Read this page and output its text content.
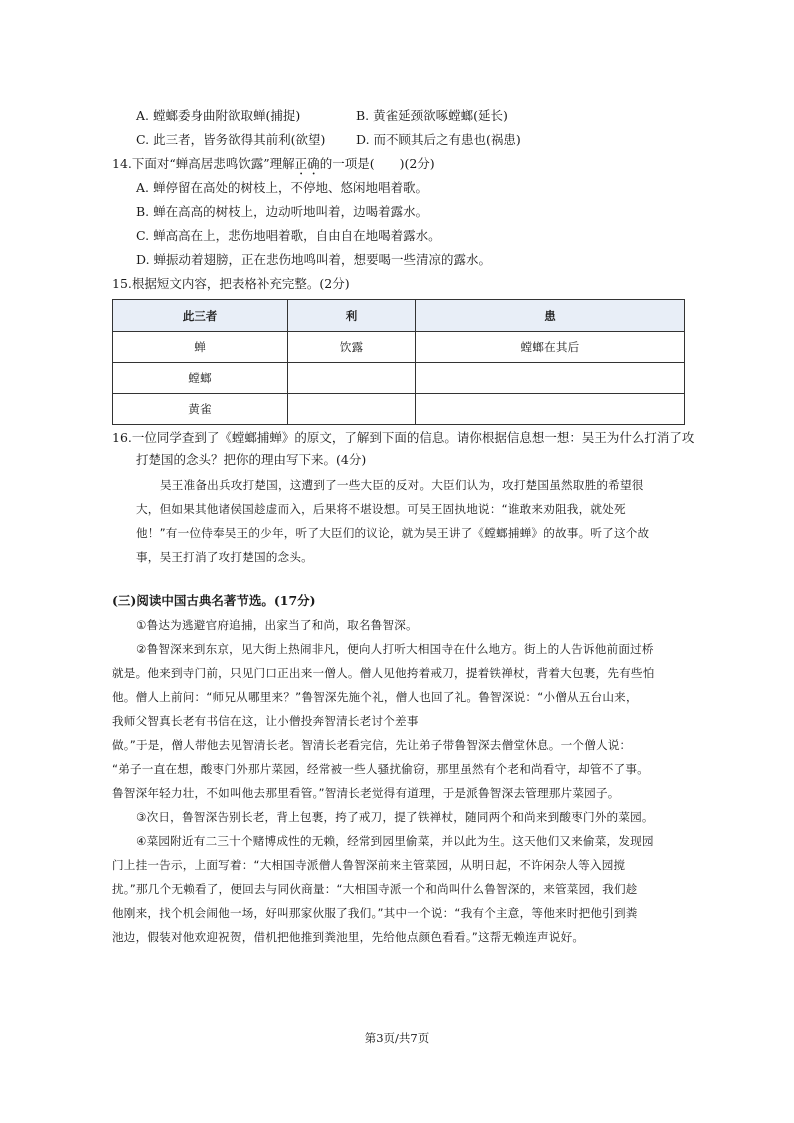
A. 螳螂委身曲附欲取蝉(捕捉)	B. 黄雀延颈欲啄螳螂(延长)
C. 此三者，皆务欲得其前利(欲望) D. 而不顾其后之有患也(祸患)
14.下面对“蝉高居悲鸣饮露”理解正确的一项是(　　)(2分)
A. 蝉停留在高处的树枝上，不停地、悠闲地唱着歌。
B. 蝉在高高的树枝上，边动听地叫着，边喝着露水。
C. 蝉高高在上，悲伤地唱着歌，自由自在地喝着露水。
D. 蝉振动着翅膀，正在悲伤地鸣叫着，想要喝一些清凉的露水。
15.根据短文内容，把表格补充完整。(2分)
此三者	利	患
蝉	饮露	螳螂在其后
螳螂		
黄雀		
16.一位同学查到了《螳螂捕蝉》的原文，了解到下面的信息。请你根据信息想一想：吴王为什么打消了攻
打楚国的念头？把你的理由写下来。(4分)
吴王准备出兵攻打楚国，这遭到了一些大臣的反对。大臣们认为，攻打楚国虽然取胜的希望很
大，但如果其他诸侯国趁虚而入，后果将不堪设想。可吴王固执地说：“谁敢来劝阻我，就处死
他！”有一位侍奉吴王的少年，听了大臣们的议论，就为吴王讲了《螳螂捕蝉》的故事。听了这个故
事，吴王打消了攻打楚国的念头。
(三)阅读中国古典名著节选。(17分)
①鲁达为逃避官府追捕，出家当了和尚，取名鲁智深。
②鲁智深来到东京，见大街上热闹非凡，便向人打听大相国寺在什么地方。街上的人告诉他前面过桥
就是。他来到寺门前，只见门口正出来一僧人。僧人见他挎着戒刀，提着铁禅杖，背着大包裹，先有些怕
他。僧人上前问：“师兄从哪里来？”鲁智深先施个礼，僧人也回了礼。鲁智深说：“小僧从五台山来，
我师父智真长老有书信在这，让小僧投奔智清长老讨个差事
做。”于是，僧人带他去见智清长老。智清长老看完信，先让弟子带鲁智深去僧堂休息。一个僧人说：
“弟子一直在想，酸枣门外那片菜园，经常被一些人骚扰偷窃，那里虽然有个老和尚看守，却管不了事。
鲁智深年轻力壮，不如叫他去那里看管。”智清长老觉得有道理，于是派鲁智深去管理那片菜园子。
③次日，鲁智深告别长老，背上包裹，挎了戒刀，提了铁禅杖，随同两个和尚来到酸枣门外的菜园。
④菜园附近有二三十个赌博成性的无赖，经常到园里偷菜，并以此为生。这天他们又来偷菜，发现园
门上挂一告示，上面写着：“大相国寺派僧人鲁智深前来主管菜园，从明日起，不许闲杂人等入园搅
扰。”那几个无赖看了，便回去与同伙商量：“大相国寺派一个和尚叫什么鲁智深的，来管菜园，我们趁
他刚来，找个机会闹他一场，好叫那家伙服了我们。”其中一个说：“我有个主意，等他来时把他引到粪
池边，假装对他欢迎祝贺，借机把他推到粪池里，先给他点颜色看看。”这帮无赖连声说好。
第3页/共7页
